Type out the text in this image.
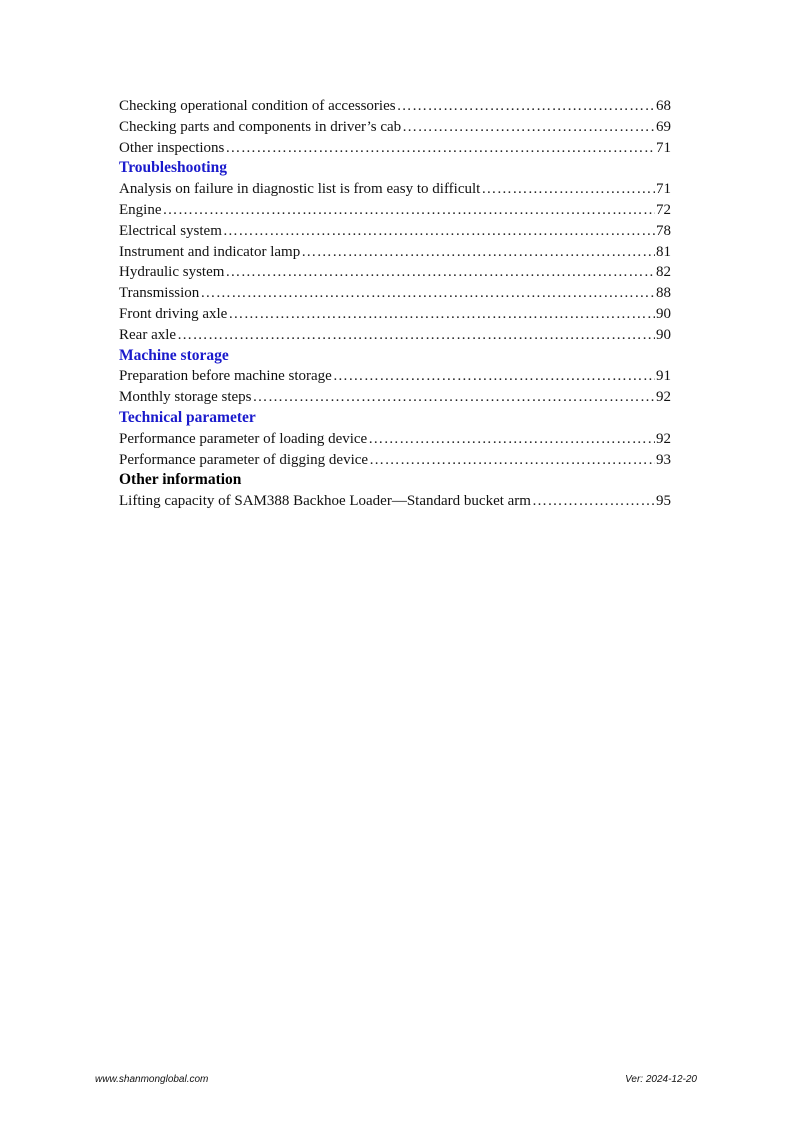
Checking operational condition of accessories ……………………………………………………………………………………………………………………………………………………………………………	68
Checking parts and components in driver’s cab ……………………………………………………………………………………………………………………………………………………………………………	69
Other inspections ……………………………………………………………………………………………………………………………………………………………………………	71
Troubleshooting
Analysis on failure in diagnostic list is from easy to difficult ……………………………………………………………………………………………………………………………………………………………………………	71
Engine ……………………………………………………………………………………………………………………………………………………………………………	72
Electrical system ……………………………………………………………………………………………………………………………………………………………………………	78
Instrument and indicator lamp ……………………………………………………………………………………………………………………………………………………………………………	81
Hydraulic system ……………………………………………………………………………………………………………………………………………………………………………	82
Transmission ……………………………………………………………………………………………………………………………………………………………………………	88
Front driving axle ……………………………………………………………………………………………………………………………………………………………………………	90
Rear axle ……………………………………………………………………………………………………………………………………………………………………………	90
Machine storage
Preparation before machine storage ……………………………………………………………………………………………………………………………………………………………………………	91
Monthly storage steps ……………………………………………………………………………………………………………………………………………………………………………	92
Technical parameter
Performance parameter of loading device ……………………………………………………………………………………………………………………………………………………………………………	92
Performance parameter of digging device ……………………………………………………………………………………………………………………………………………………………………………	93
Other information
Lifting capacity of SAM388 Backhoe Loader—Standard bucket arm ……………………………………………………………………………………………………………………………………………………………………………	95
www.shanmonglobal.com	Ver: 2024-12-20
